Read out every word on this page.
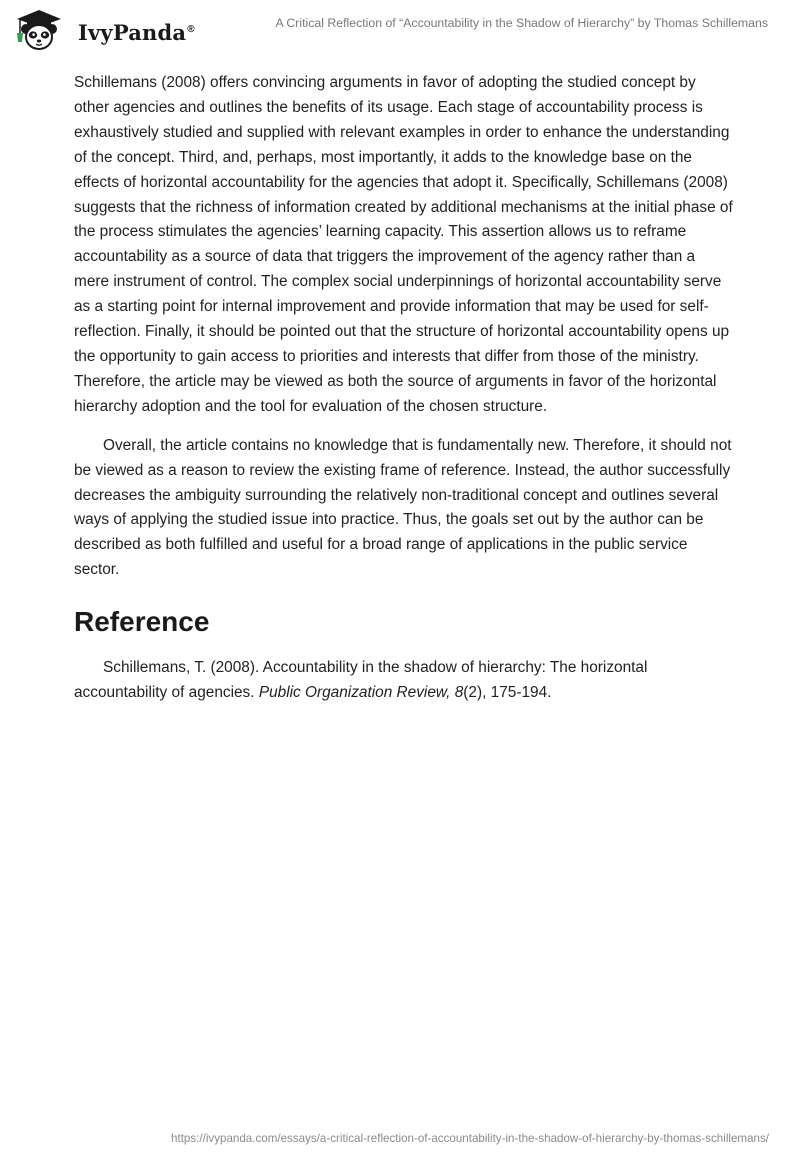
IvyPanda®	A Critical Reflection of “Accountability in the Shadow of Hierarchy” by Thomas Schillemans

Schillemans (2008) offers convincing arguments in favor of adopting the studied concept by other agencies and outlines the benefits of its usage. Each stage of accountability process is exhaustively studied and supplied with relevant examples in order to enhance the understanding of the concept. Third, and, perhaps, most importantly, it adds to the knowledge base on the effects of horizontal accountability for the agencies that adopt it. Specifically, Schillemans (2008) suggests that the richness of information created by additional mechanisms at the initial phase of the process stimulates the agencies’ learning capacity. This assertion allows us to reframe accountability as a source of data that triggers the improvement of the agency rather than a mere instrument of control. The complex social underpinnings of horizontal accountability serve as a starting point for internal improvement and provide information that may be used for self-reflection. Finally, it should be pointed out that the structure of horizontal accountability opens up the opportunity to gain access to priorities and interests that differ from those of the ministry. Therefore, the article may be viewed as both the source of arguments in favor of the horizontal hierarchy adoption and the tool for evaluation of the chosen structure.

Overall, the article contains no knowledge that is fundamentally new. Therefore, it should not be viewed as a reason to review the existing frame of reference. Instead, the author successfully decreases the ambiguity surrounding the relatively non-traditional concept and outlines several ways of applying the studied issue into practice. Thus, the goals set out by the author can be described as both fulfilled and useful for a broad range of applications in the public service sector.

Reference

Schillemans, T. (2008). Accountability in the shadow of hierarchy: The horizontal accountability of agencies. Public Organization Review, 8(2), 175-194.

https://ivypanda.com/essays/a-critical-reflection-of-accountability-in-the-shadow-of-hierarchy-by-thomas-schillemans/
